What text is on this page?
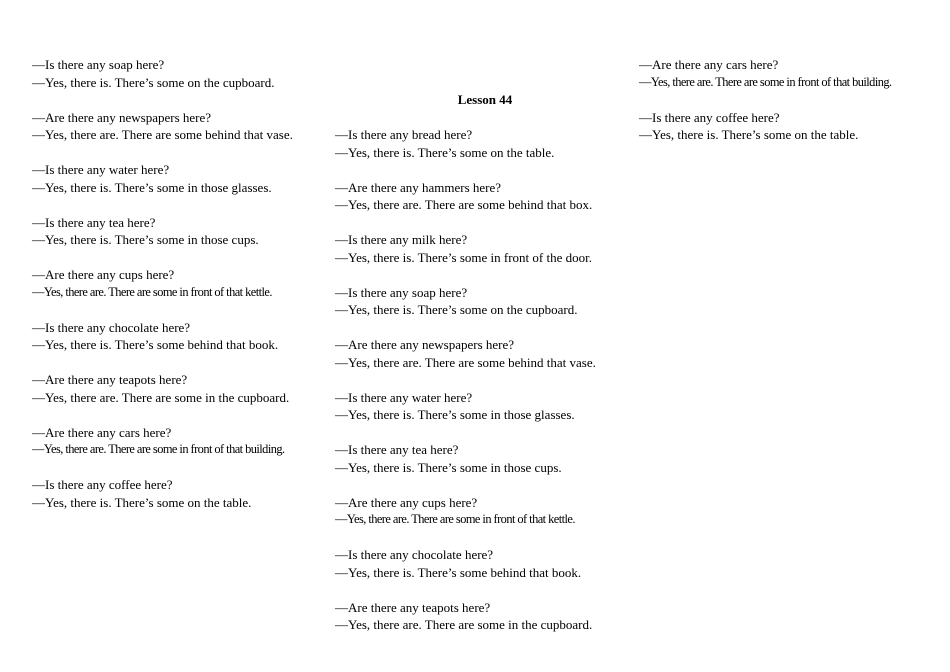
—Is there any soap here?
—Yes, there is. There’s some on the cupboard.
—Are there any newspapers here?
—Yes, there are. There are some behind that vase.
—Is there any water here?
—Yes, there is. There’s some in those glasses.
—Is there any tea here?
—Yes, there is. There’s some in those cups.
—Are there any cups here?
—Yes, there are. There are some in front of that kettle.
—Is there any chocolate here?
—Yes, there is. There’s some behind that book.
—Are there any teapots here?
—Yes, there are. There are some in the cupboard.
—Are there any cars here?
—Yes, there are. There are some in front of that building.
—Is there any coffee here?
—Yes, there is. There’s some on the table.
Lesson 44
—Is there any bread here?
—Yes, there is. There’s some on the table.
—Are there any hammers here?
—Yes, there are. There are some behind that box.
—Is there any milk here?
—Yes, there is. There’s some in front of the door.
—Is there any soap here?
—Yes, there is. There’s some on the cupboard.
—Are there any newspapers here?
—Yes, there are. There are some behind that vase.
—Is there any water here?
—Yes, there is. There’s some in those glasses.
—Is there any tea here?
—Yes, there is. There’s some in those cups.
—Are there any cups here?
—Yes, there are. There are some in front of that kettle.
—Is there any chocolate here?
—Yes, there is. There’s some behind that book.
—Are there any teapots here?
—Yes, there are. There are some in the cupboard.
—Are there any cars here?
—Yes, there are. There are some in front of that building.
—Is there any coffee here?
—Yes, there is. There’s some on the table.
